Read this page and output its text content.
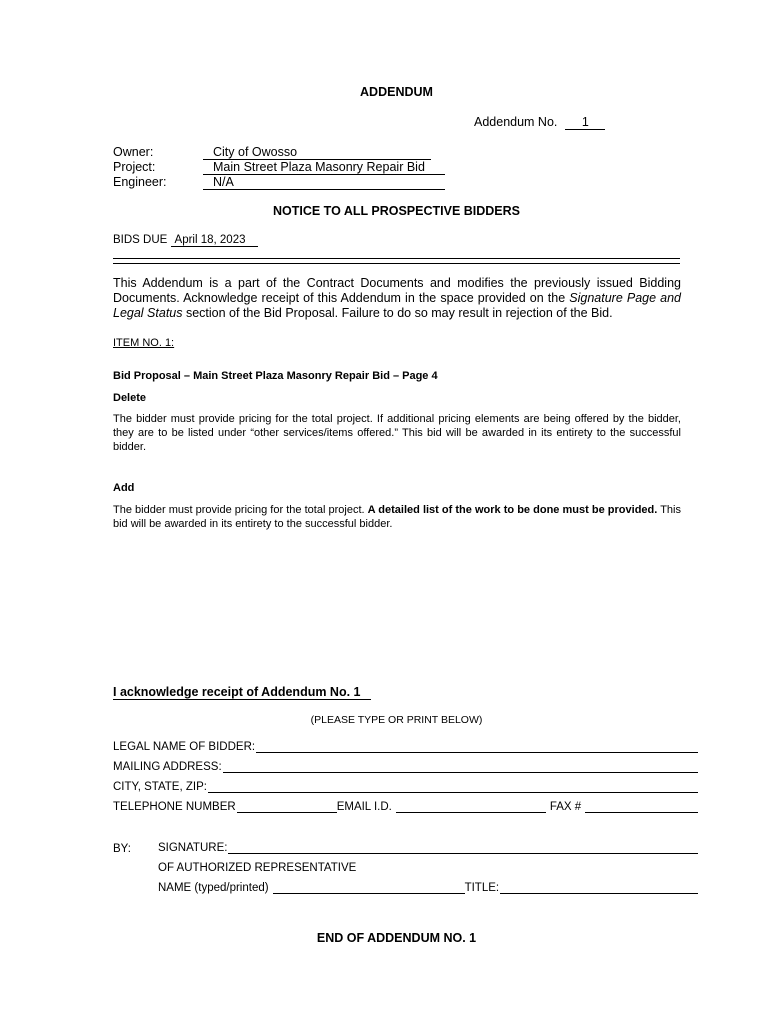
ADDENDUM
Addendum No. 1
Owner:	City of Owosso
Project:	Main Street Plaza Masonry Repair Bid
Engineer:	N/A
NOTICE TO ALL PROSPECTIVE BIDDERS
BIDS DUE April 18, 2023
This Addendum is a part of the Contract Documents and modifies the previously issued Bidding Documents. Acknowledge receipt of this Addendum in the space provided on the Signature Page and Legal Status section of the Bid Proposal. Failure to do so may result in rejection of the Bid.
ITEM NO. 1:
Bid Proposal – Main Street Plaza Masonry Repair Bid – Page 4
Delete
The bidder must provide pricing for the total project. If additional pricing elements are being offered by the bidder, they are to be listed under “other services/items offered.” This bid will be awarded in its entirety to the successful bidder.
Add
The bidder must provide pricing for the total project. A detailed list of the work to be done must be provided. This bid will be awarded in its entirety to the successful bidder.
I acknowledge receipt of Addendum No. 1
(PLEASE TYPE OR PRINT BELOW)
LEGAL NAME OF BIDDER:
MAILING ADDRESS:
CITY, STATE, ZIP:
TELEPHONE NUMBER	EMAIL I.D.	FAX #
BY: SIGNATURE:
OF AUTHORIZED REPRESENTATIVE
NAME (typed/printed)	TITLE:
END OF ADDENDUM NO. 1
